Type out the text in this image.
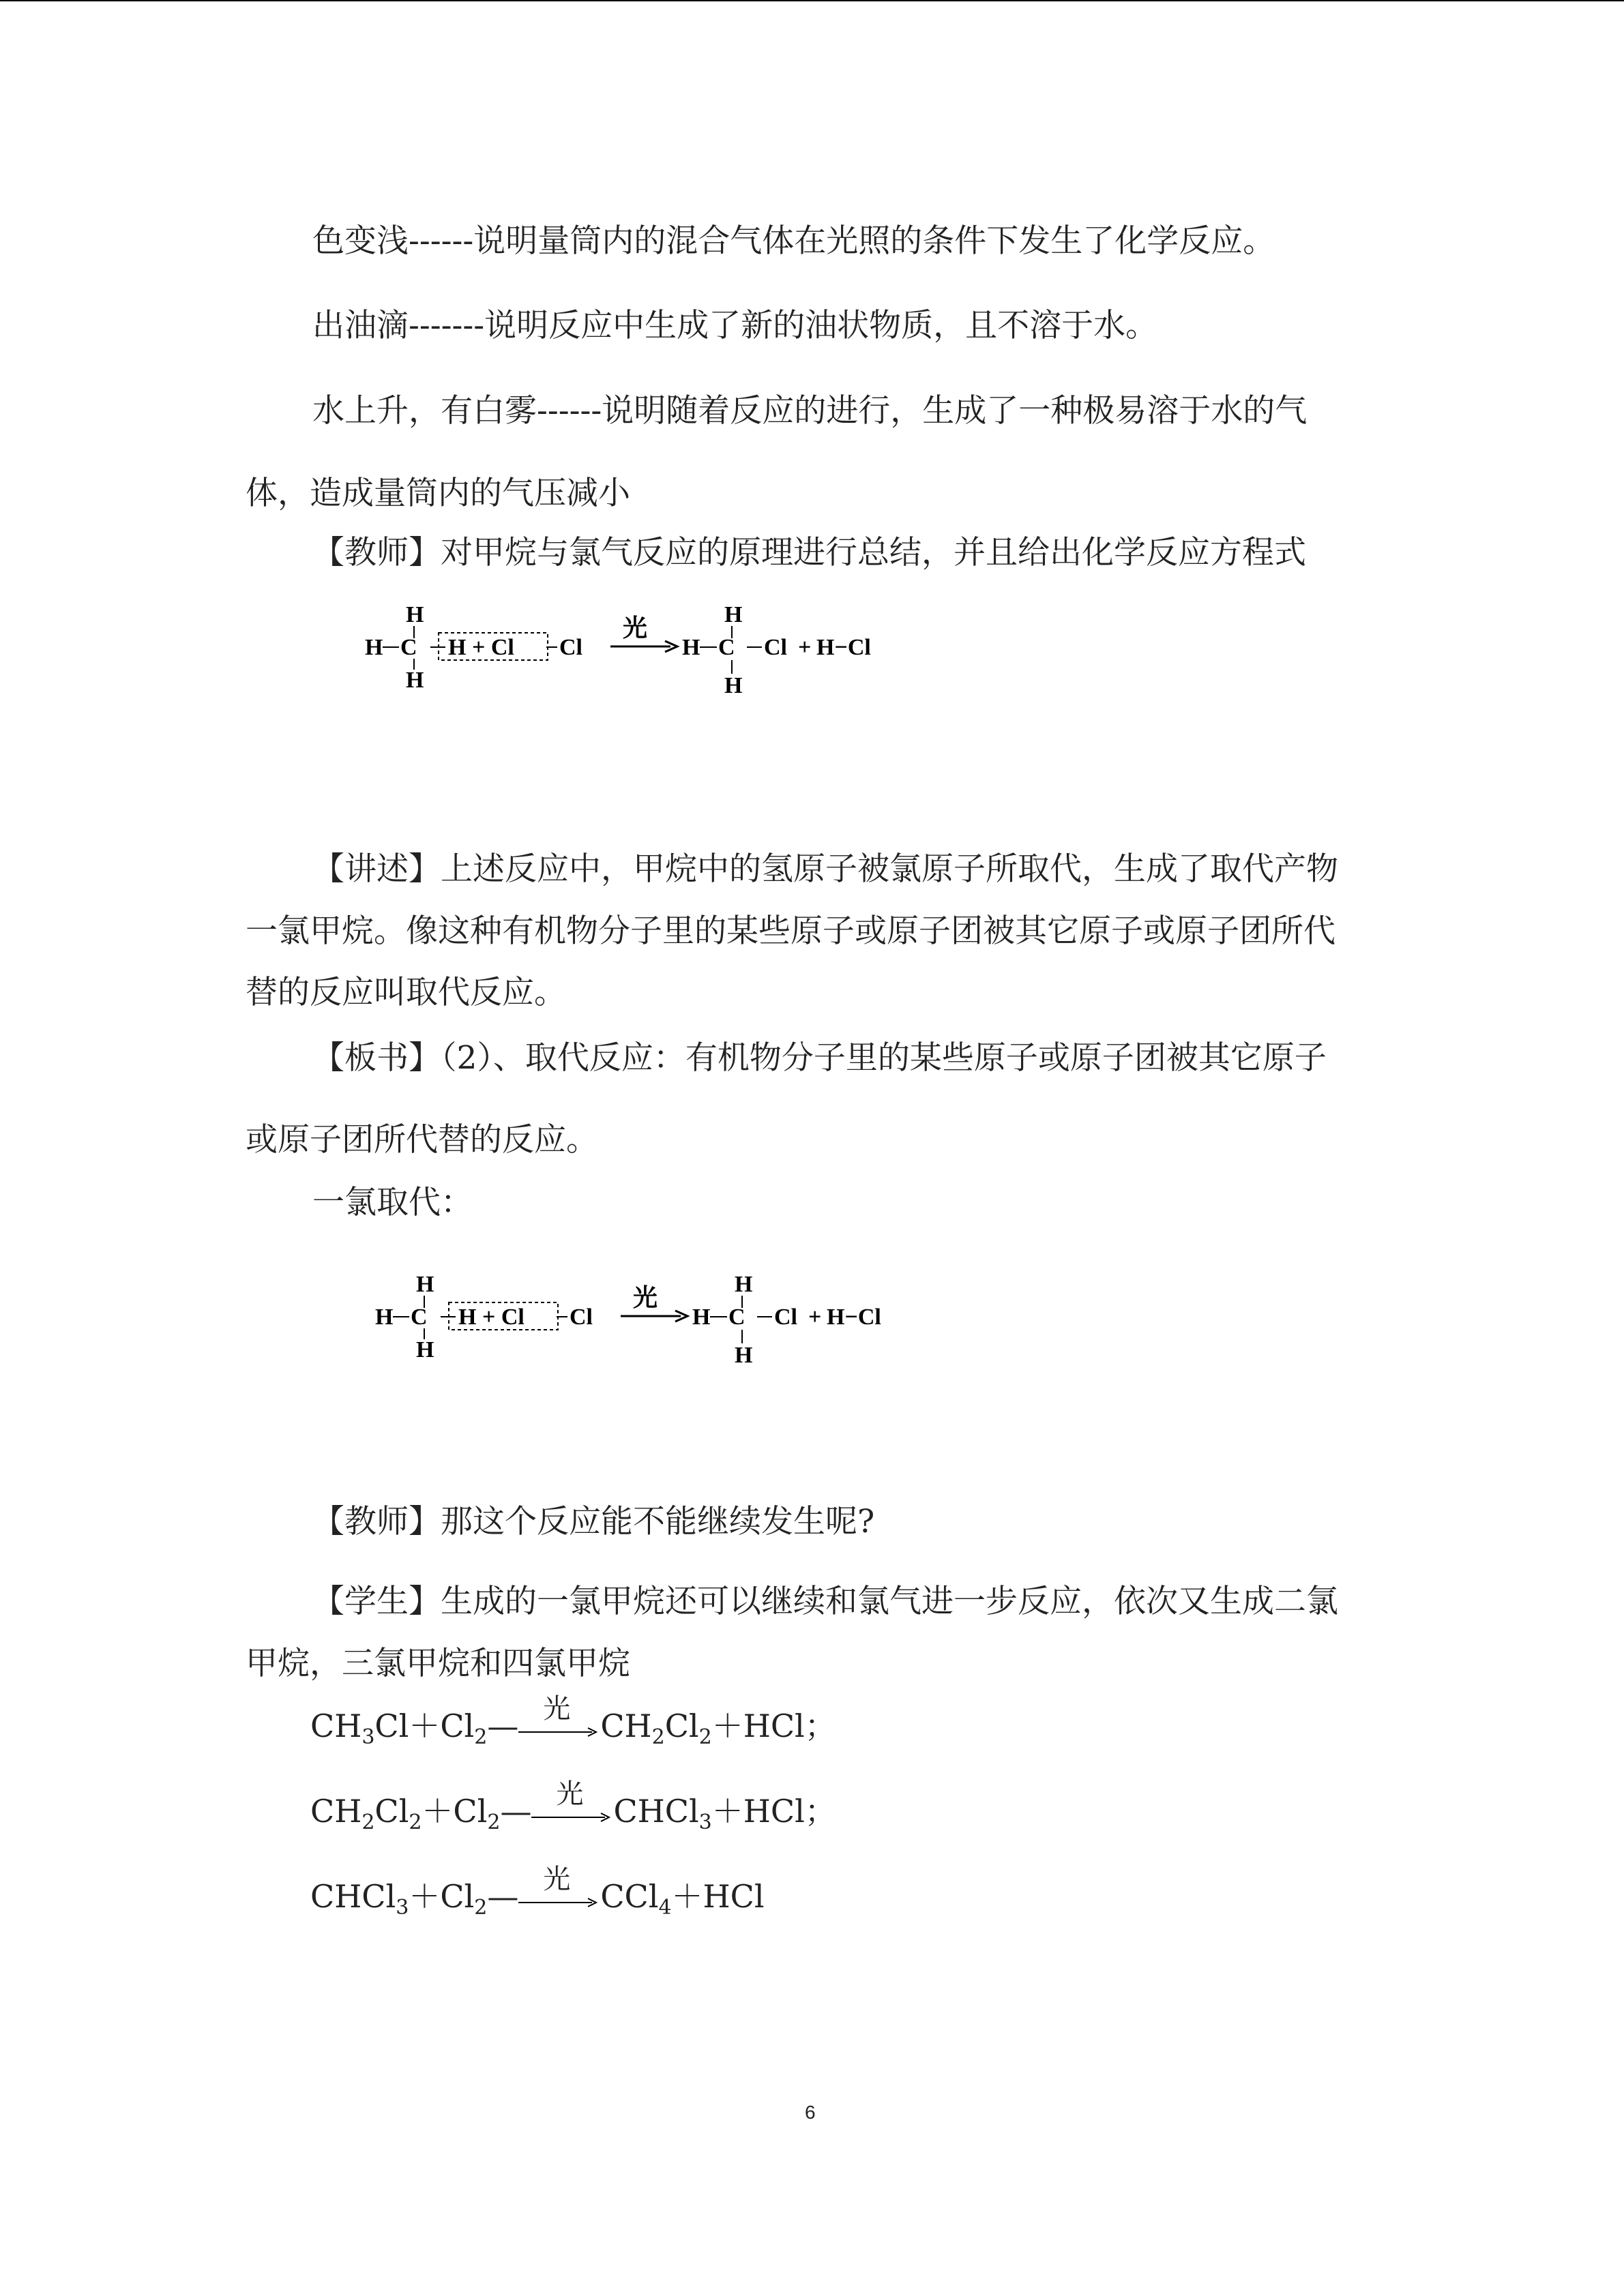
色变浅------说明量筒内的混合气体在光照的条件下发生了化学反应。
出油滴-------说明反应中生成了新的油状物质，且不溶于水。
水上升，有白雾------说明随着反应的进行，生成了一种极易溶于水的气
体，造成量筒内的气压减小
【教师】对甲烷与氯气反应的原理进行总结，并且给出化学反应方程式
H
H C
H
H + Cl Cl
光	H
H C Cl
H
+ H−Cl
【讲述】上述反应中，甲烷中的氢原子被氯原子所取代，生成了取代产物
一氯甲烷。像这种有机物分子里的某些原子或原子团被其它原子或原子团所代
替的反应叫取代反应。
【板书】（2）、取代反应：有机物分子里的某些原子或原子团被其它原子
或原子团所代替的反应。
一氯取代：
H
H C
H
H + Cl Cl
光	H
H C Cl
H
+ H−Cl
【教师】那这个反应能不能继续发生呢?
【学生】生成的一氯甲烷还可以继续和氯气进一步反应，依次又生成二氯
甲烷，三氯甲烷和四氯甲烷
$CH_3Cl+Cl_2—$ 光 $CH_2Cl_2+HCl$；
$CH_2Cl_2+Cl_2—$ 光 CHCl$_3$＋HCl；
$CHCl_3+Cl_2—$ 光 CCl$_4$＋HCl
6
